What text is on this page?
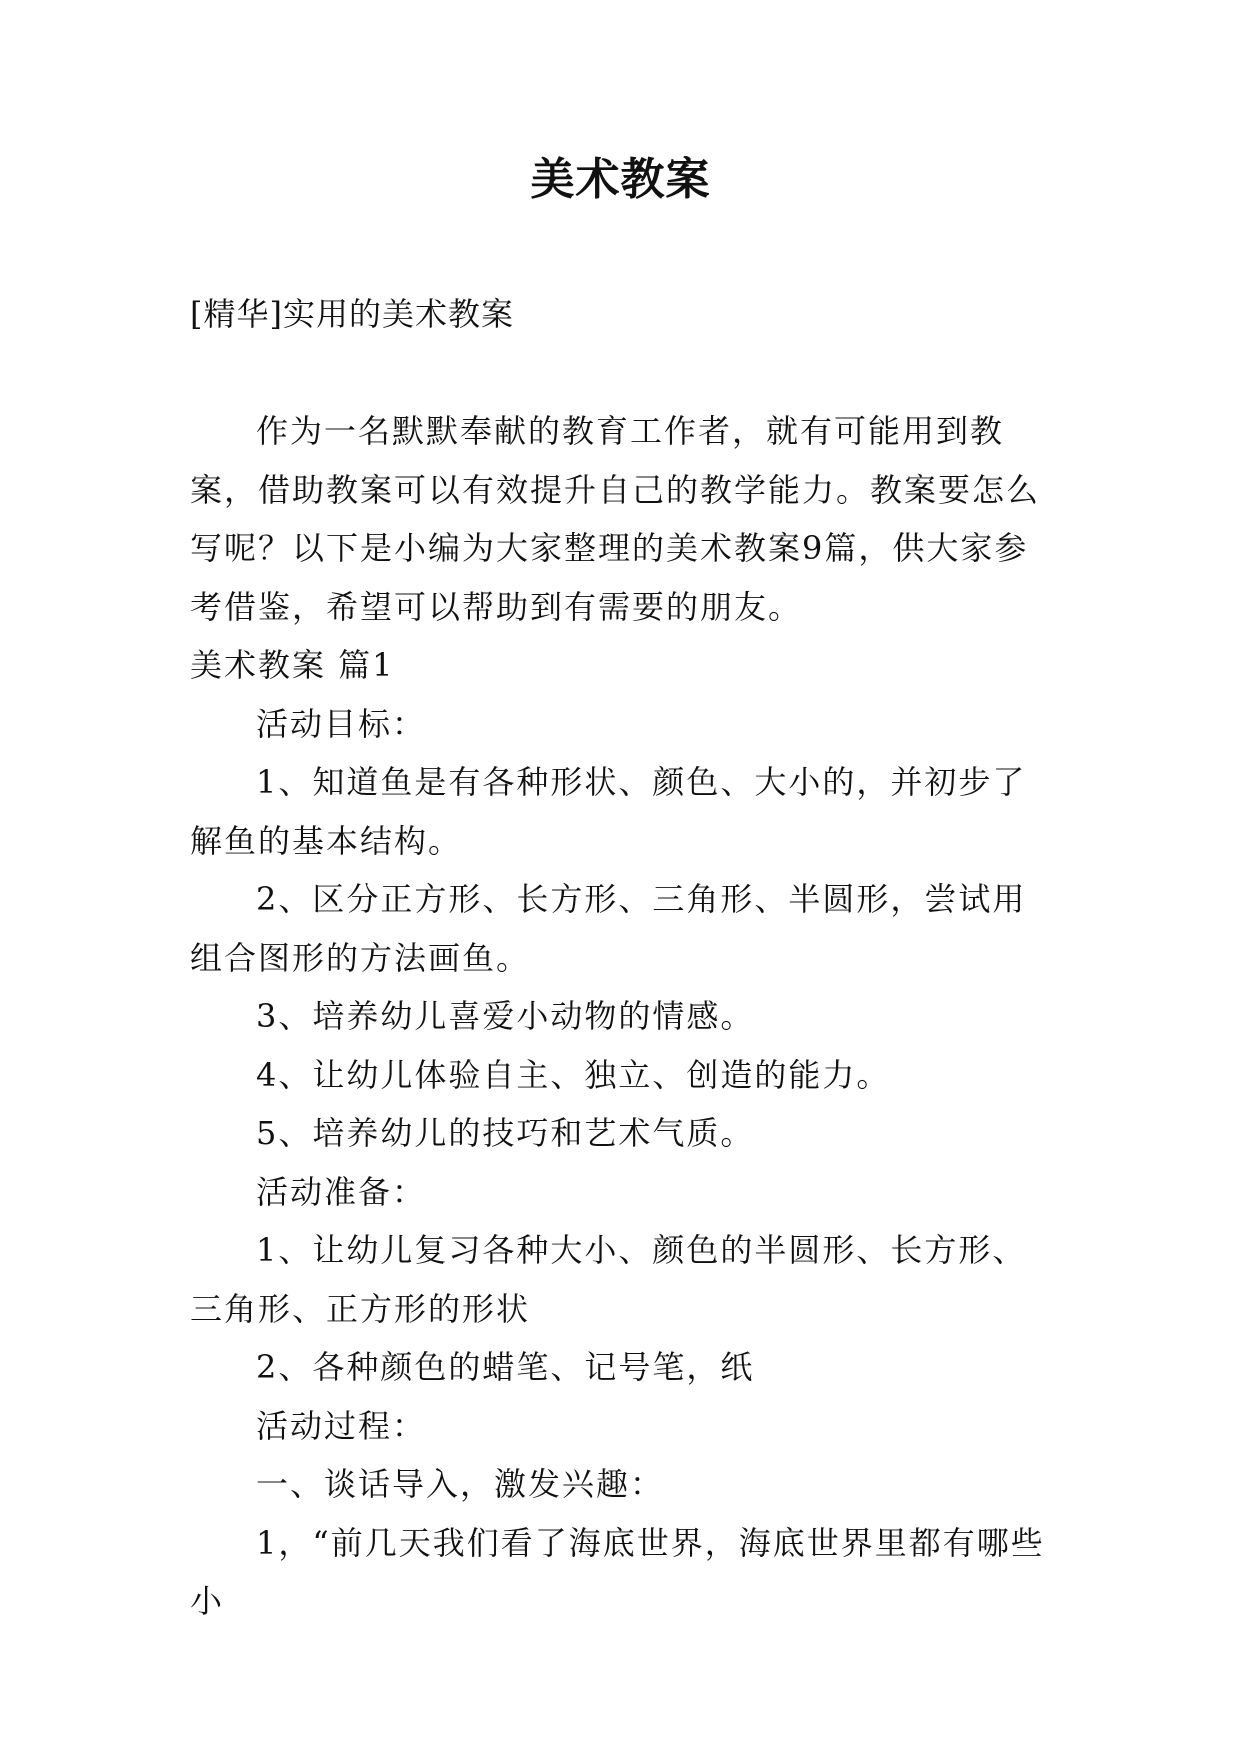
美术教案
[精华]实用的美术教案

作为一名默默奉献的教育工作者，就有可能用到教案，借助教案可以有效提升自己的教学能力。教案要怎么写呢？以下是小编为大家整理的美术教案9篇，供大家参考借鉴，希望可以帮助到有需要的朋友。

美术教案 篇1

活动目标：

1、知道鱼是有各种形状、颜色、大小的，并初步了解鱼的基本结构。

2、区分正方形、长方形、三角形、半圆形，尝试用组合图形的方法画鱼。

3、培养幼儿喜爱小动物的情感。

4、让幼儿体验自主、独立、创造的能力。

5、培养幼儿的技巧和艺术气质。

活动准备：

1、让幼儿复习各种大小、颜色的半圆形、长方形、三角形、正方形的形状

2、各种颜色的蜡笔、记号笔，纸

活动过程：

一、谈话导入，激发兴趣：

1，“前几天我们看了海底世界，海底世界里都有哪些小
